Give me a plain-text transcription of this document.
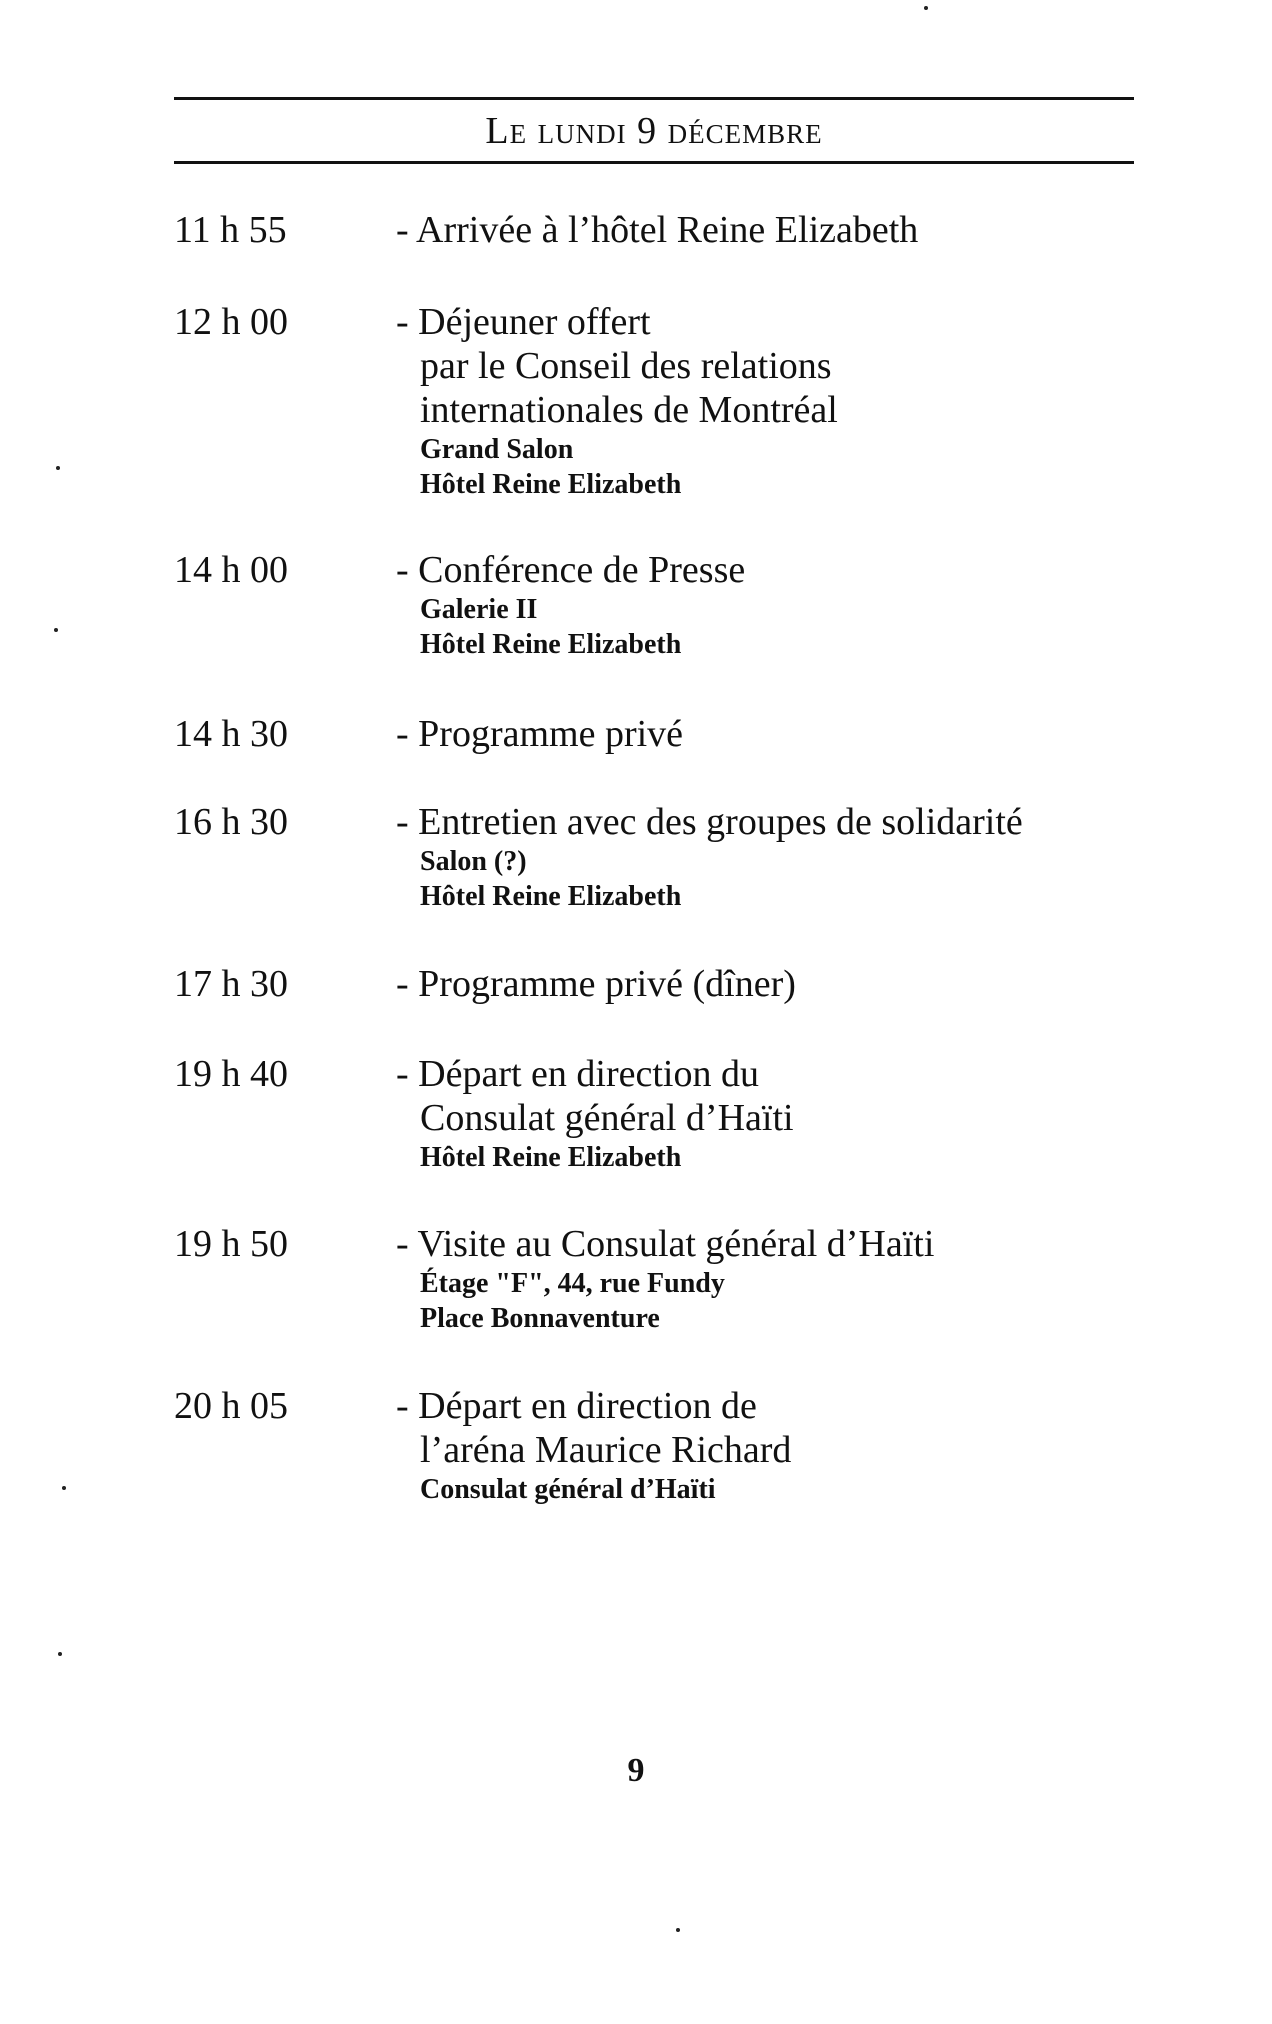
Le lundi 9 décembre
11 h 55	- Arrivée à l’hôtel Reine Elizabeth
12 h 00	- Déjeuner offert
par le Conseil des relations
internationales de Montréal
Grand Salon
Hôtel Reine Elizabeth
14 h 00	- Conférence de Presse
Galerie II
Hôtel Reine Elizabeth
14 h 30	- Programme privé
16 h 30	- Entretien avec des groupes de solidarité
Salon (?)
Hôtel Reine Elizabeth
17 h 30	- Programme privé (dîner)
19 h 40	- Départ en direction du
Consulat général d’Haïti
Hôtel Reine Elizabeth
19 h 50	- Visite au Consulat général d’Haïti
Étage "F", 44, rue Fundy
Place Bonnaventure
20 h 05	- Départ en direction de
l’aréna Maurice Richard
Consulat général d’Haïti
9
